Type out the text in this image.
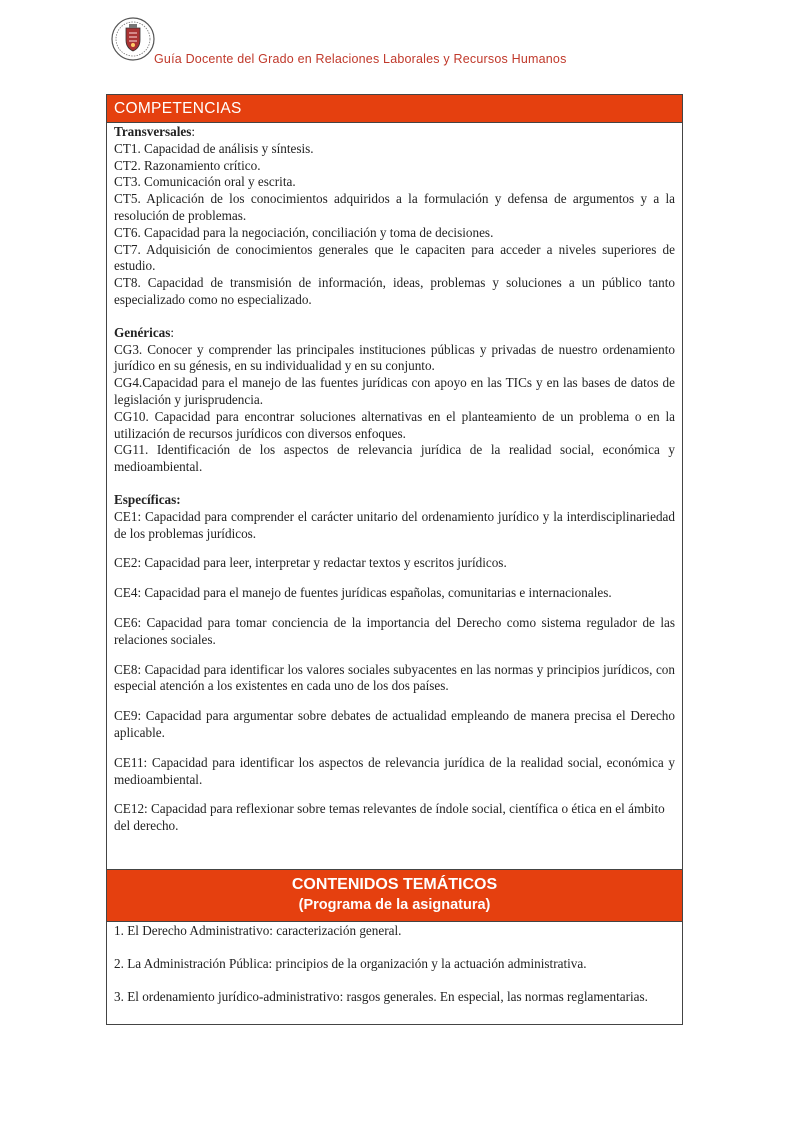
Guía Docente del Grado en Relaciones Laborales y Recursos Humanos
COMPETENCIAS

Transversales:

CT1. Capacidad de análisis y síntesis.

CT2. Razonamiento crítico.

CT3. Comunicación oral y escrita.

CT5. Aplicación de los conocimientos adquiridos a la formulación y defensa de argumentos y a la resolución de problemas.

CT6. Capacidad para la negociación, conciliación y toma de decisiones.

CT7. Adquisición de conocimientos generales que le capaciten para acceder a niveles superiores de estudio.

CT8. Capacidad de transmisión de información, ideas, problemas y soluciones a un público tanto especializado como no especializado.

Genéricas:

CG3. Conocer y comprender las principales instituciones públicas y privadas de nuestro ordenamiento jurídico en su génesis, en su individualidad y en su conjunto.

CG4.Capacidad para el manejo de las fuentes jurídicas con apoyo en las TICs y en las bases de datos de legislación y jurisprudencia.

CG10. Capacidad para encontrar soluciones alternativas en el planteamiento de un problema o en la utilización de recursos jurídicos con diversos enfoques.

CG11. Identificación de los aspectos de relevancia jurídica de la realidad social, económica y medioambiental.

Específicas:

CE1: Capacidad para comprender el carácter unitario del ordenamiento jurídico y la interdisciplinariedad de los problemas jurídicos.

CE2: Capacidad para leer, interpretar y redactar textos y escritos jurídicos.

CE4: Capacidad para el manejo de fuentes jurídicas españolas, comunitarias e internacionales.

CE6: Capacidad para tomar conciencia de la importancia del Derecho como sistema regulador de las relaciones sociales.

CE8: Capacidad para identificar los valores sociales subyacentes en las normas y principios jurídicos, con especial atención a los existentes en cada uno de los dos países.

CE9: Capacidad para argumentar sobre debates de actualidad empleando de manera precisa el Derecho aplicable.

CE11: Capacidad para identificar los aspectos de relevancia jurídica de la realidad social, económica y medioambiental.

CE12: Capacidad para reflexionar sobre temas relevantes de índole social, científica o ética en el ámbito del derecho.

CONTENIDOS TEMÁTICOS
(Programa de la asignatura)

1. El Derecho Administrativo: caracterización general.

2. La Administración Pública: principios de la organización y la actuación administrativa.

3. El ordenamiento jurídico-administrativo: rasgos generales. En especial, las normas reglamentarias.
